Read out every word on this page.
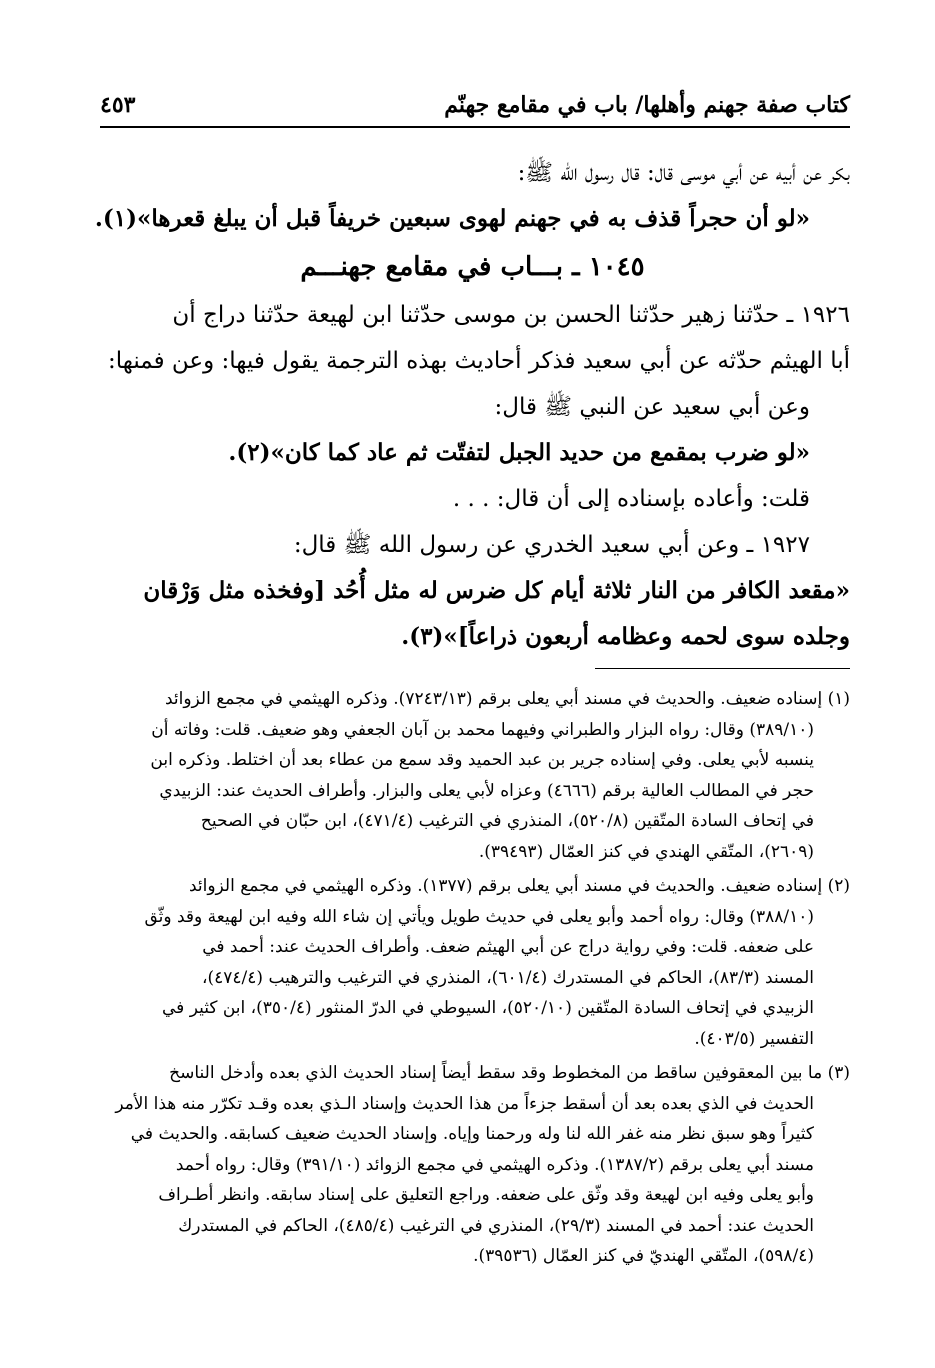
كتاب صفة جهنم وأهلها/ باب في مقامع جهنّم
٤٥٣
بكر عن أبيه عن أبي موسى قال: قال رسول الله ﷺ:
«لو أن حجراً قذف به في جهنم لهوى سبعين خريفاً قبل أن يبلغ قعرها»(١).
١٠٤٥ ـ بـــاب في مقامع جهنـــم
١٩٢٦ ـ حدّثنا زهير حدّثنا الحسن بن موسى حدّثنا ابن لهيعة حدّثنا دراج أن
أبا الهيثم حدّثه عن أبي سعيد فذكر أحاديث بهذه الترجمة يقول فيها: وعن فمنها:
وعن أبي سعيد عن النبي ﷺ قال:
«لو ضرب بمقمع من حديد الجبل لتفتّت ثم عاد كما كان»(٢).
قلت: وأعاده بإسناده إلى أن قال: . . .
١٩٢٧ ـ وعن أبي سعيد الخدري عن رسول الله ﷺ قال:
«مقعد الكافر من النار ثلاثة أيام كل ضرس له مثل أُحُد [وفخذه مثل وَرْقان
وجلده سوى لحمه وعظامه أربعون ذراعاً]»(٣).
(١) إسناده ضعيف. والحديث في مسند أبي يعلى برقم (٧٢٤٣/١٣). وذكره الهيثمي في مجمع الزوائد
(٣٨٩/١٠) وقال: رواه البزار والطبراني وفيهما محمد بن آبان الجعفي وهو ضعيف. قلت: وفاته أن
ينسبه لأبي يعلى. وفي إسناده جرير بن عبد الحميد وقد سمع من عطاء بعد أن اختلط. وذكره ابن
حجر في المطالب العالية برقم (٤٦٦٦) وعزاه لأبي يعلى والبزار. وأطراف الحديث عند: الزبيدي
في إتحاف السادة المتّقين (٥٢٠/٨)، المنذري في الترغيب (٤٧١/٤)، ابن حبّان في الصحيح
(٢٦٠٩)، المتّقي الهندي في كنز العمّال (٣٩٤٩٣).
(٢) إسناده ضعيف. والحديث في مسند أبي يعلى برقم (١٣٧٧). وذكره الهيثمي في مجمع الزوائد
(٣٨٨/١٠) وقال: رواه أحمد وأبو يعلى في حديث طويل ويأتي إن شاء الله وفيه ابن لهيعة وقد وثّق
على ضعفه. قلت: وفي رواية دراج عن أبي الهيثم ضعف. وأطراف الحديث عند: أحمد في
المسند (٨٣/٣)، الحاكم في المستدرك (٦٠١/٤)، المنذري في الترغيب والترهيب (٤٧٤/٤)،
الزبيدي في إتحاف السادة المتّقين (٥٢٠/١٠)، السيوطي في الدرّ المنثور (٣٥٠/٤)، ابن كثير في
التفسير (٤٠٣/٥).
(٣) ما بين المعقوفين ساقط من المخطوط وقد سقط أيضاً إسناد الحديث الذي بعده وأدخل الناسخ
الحديث في الذي بعده بعد أن أسقط جزءاً من هذا الحديث وإسناد الـذي بعده وقـد تكرّر منه هذا الأمر
كثيراً وهو سبق نظر منه غفر الله لنا وله ورحمنا وإياه. وإسناد الحديث ضعيف كسابقه. والحديث في
مسند أبي يعلى برقم (١٣٨٧/٢). وذكره الهيثمي في مجمع الزوائد (٣٩١/١٠) وقال: رواه أحمد
وأبو يعلى وفيه ابن لهيعة وقد وثّق على ضعفه. وراجع التعليق على إسناد سابقه. وانظر أطـراف
الحديث عند: أحمد في المسند (٢٩/٣)، المنذري في الترغيب (٤٨٥/٤)، الحاكم في المستدرك
(٥٩٨/٤)، المتّقي الهنديّ في كنز العمّال (٣٩٥٣٦).
